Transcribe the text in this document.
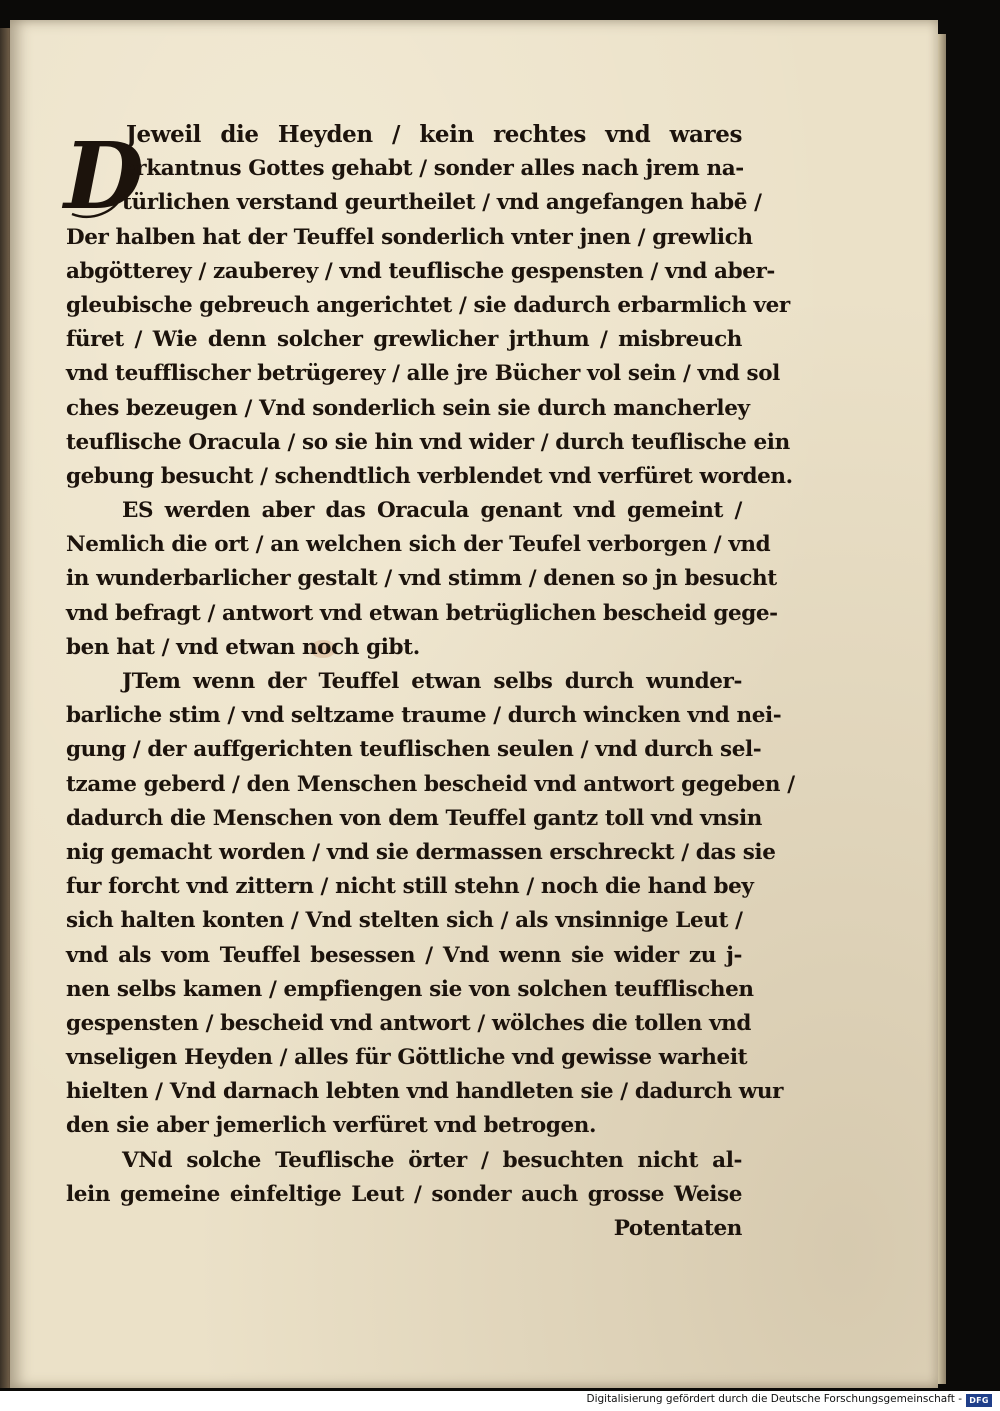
D
Jeweil die Heyden / kein rechtes vnd wares
erkantnus Gottes gehabt / sonder alles nach jrem na-
türlichen verstand geurtheilet / vnd angefangen habē /
Der halben hat der Teuffel sonderlich vnter jnen / grewlich
abgötterey / zauberey / vnd teuflische gespensten / vnd aber-
gleubische gebreuch angerichtet / sie dadurch erbarmlich ver
füret / Wie denn solcher grewlicher jrthum / misbreuch
vnd teufflischer betrügerey / alle jre Bücher vol sein / vnd sol
ches bezeugen / Vnd sonderlich sein sie durch mancherley
teuflische Oracula / so sie hin vnd wider / durch teuflische ein
gebung besucht / schendtlich verblendet vnd verfüret worden.
ES werden aber das Oracula genant vnd gemeint /
Nemlich die ort / an welchen sich der Teufel verborgen / vnd
in wunderbarlicher gestalt / vnd stimm / denen so jn besucht
vnd befragt / antwort vnd etwan betrüglichen bescheid gege-
ben hat / vnd etwan noch gibt.
JTem wenn der Teuffel etwan selbs durch wunder-
barliche stim / vnd seltzame traume / durch wincken vnd nei-
gung / der auffgerichten teuflischen seulen / vnd durch sel-
tzame geberd / den Menschen bescheid vnd antwort gegeben /
dadurch die Menschen von dem Teuffel gantz toll vnd vnsin
nig gemacht worden / vnd sie dermassen erschreckt / das sie
fur forcht vnd zittern / nicht still stehn / noch die hand bey
sich halten konten / Vnd stelten sich / als vnsinnige Leut /
vnd als vom Teuffel besessen / Vnd wenn sie wider zu j-
nen selbs kamen / empfiengen sie von solchen teufflischen
gespensten / bescheid vnd antwort / wölches die tollen vnd
vnseligen Heyden / alles für Göttliche vnd gewisse warheit
hielten / Vnd darnach lebten vnd handleten sie / dadurch wur
den sie aber jemerlich verfüret vnd betrogen.
VNd solche Teuflische örter / besuchten nicht al-
lein gemeine einfeltige Leut / sonder auch grosse Weise
Potentaten
Digitalisierung gefördert durch die Deutsche Forschungsgemeinschaft - DFG
